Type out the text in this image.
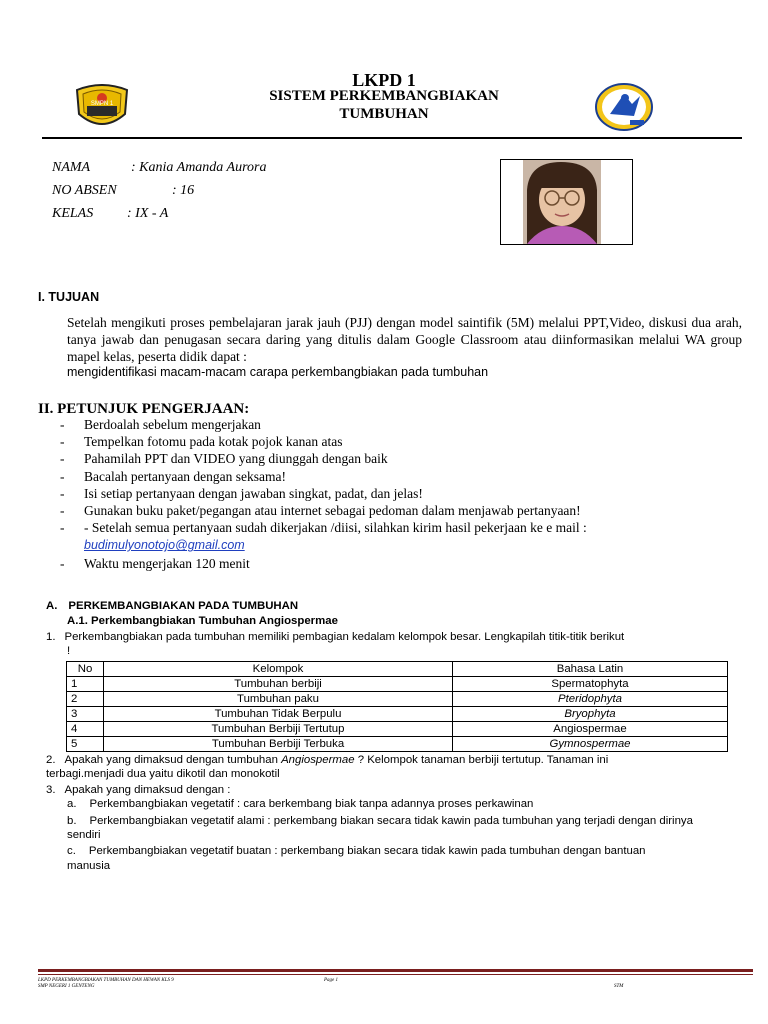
SMPN 1
LKPD 1
SISTEM PERKEMBANGBIAKAN
TUMBUHAN
NAMA	: Kania Amanda Aurora
NO ABSEN	: 16
KELAS : IX - A
I. TUJUAN
Setelah mengikuti proses pembelajaran jarak jauh (PJJ) dengan model saintifik (5M) melalui PPT,Video, diskusi dua arah, tanya jawab dan penugasan secara daring yang ditulis dalam Google Classroom atau diinformasikan melalui WA group mapel kelas, peserta didik dapat :
mengidentifikasi macam-macam carapa perkembangbiakan pada tumbuhan
II. PETUNJUK PENGERJAAN:
- Berdoalah sebelum mengerjakan
- Tempelkan fotomu pada kotak pojok kanan atas
- Pahamilah PPT dan VIDEO yang diunggah dengan baik
- Bacalah pertanyaan dengan seksama!
- Isi setiap pertanyaan dengan jawaban singkat, padat, dan jelas!
- Gunakan buku paket/pegangan atau internet sebagai pedoman dalam menjawab pertanyaan!
- - Setelah semua pertanyaan sudah dikerjakan /diisi, silahkan kirim hasil pekerjaan ke e mail :
budimulyonotojo@gmail.com
- Waktu mengerjakan 120 menit
A. PERKEMBANGBIAKAN PADA TUMBUHAN
A.1. Perkembangbiakan Tumbuhan Angiospermae
1. Perkembangbiakan pada tumbuhan memiliki pembagian kedalam kelompok besar. Lengkapilah titik-titik berikut
!
No	Kelompok	Bahasa Latin
1	Tumbuhan berbiji	Spermatophyta
2	Tumbuhan paku	Pteridophyta
3	Tumbuhan Tidak Berpulu	Bryophyta
4	Tumbuhan Berbiji Tertutup	Angiospermae
5	Tumbuhan Berbiji Terbuka	Gymnospermae
2. Apakah yang dimaksud dengan tumbuhan Angiospermae ? Kelompok tanaman berbiji tertutup. Tanaman ini
terbagi.menjadi dua yaitu dikotil dan monokotil
3. Apakah yang dimaksud dengan :
a. Perkembangbiakan vegetatif : cara berkembang biak tanpa adannya proses perkawinan
b. Perkembangbiakan vegetatif alami : perkembang biakan secara tidak kawin pada tumbuhan yang terjadi dengan dirinya
sendiri
c. Perkembangbiakan vegetatif buatan : perkembang biakan secara tidak kawin pada tumbuhan dengan bantuan
manusia
LKPD PERKEMBANGBIAKAN TUMBUHAN DAN HEWAN KLS 9
SMP NEGERI 1 GENTENG
Page 1
STM
